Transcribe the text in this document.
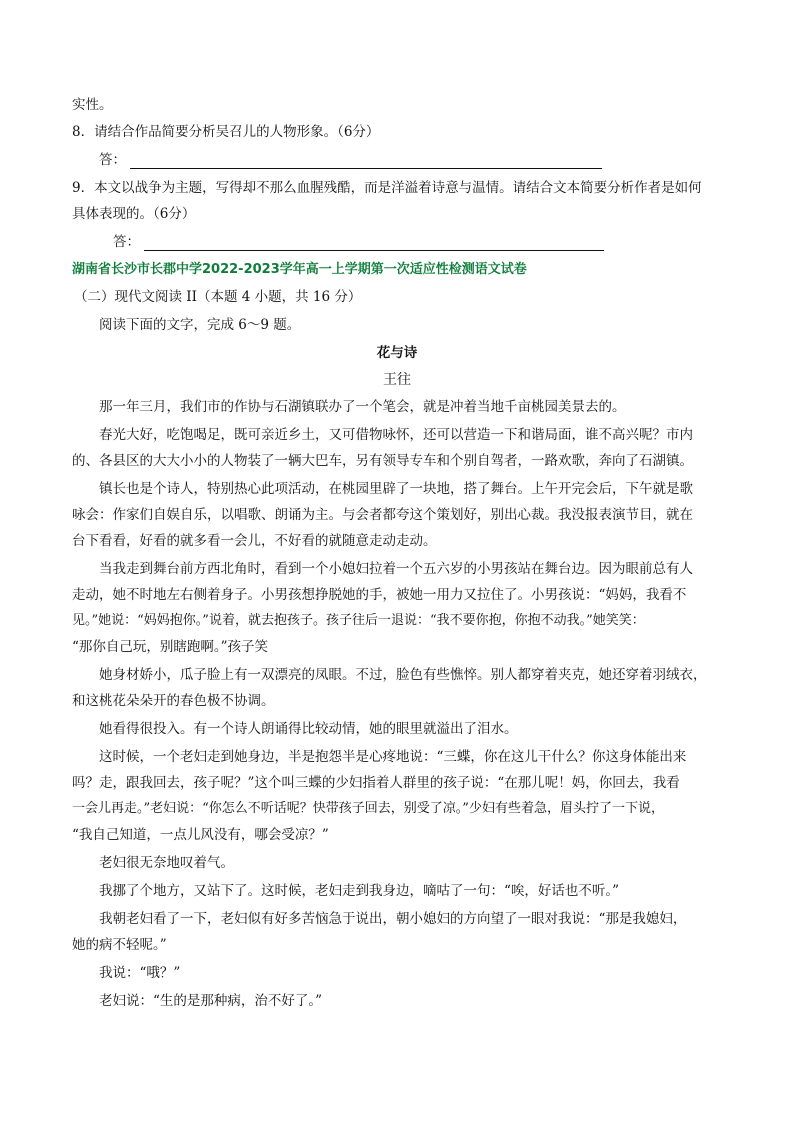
实性。
8．请结合作品简要分析吴召儿的人物形象。（6分）
答：
9．本文以战争为主题，写得却不那么血腥残酷，而是洋溢着诗意与温情。请结合文本简要分析作者是如何
具体表现的。（6分）
答：
湖南省长沙市长郡中学2022-2023学年高一上学期第一次适应性检测语文试卷
（二）现代文阅读 II（本题 4 小题，共 16 分）
阅读下面的文字，完成 6～9 题。
花与诗
王往
那一年三月，我们市的作协与石湖镇联办了一个笔会，就是冲着当地千亩桃园美景去的。
春光大好，吃饱喝足，既可亲近乡土，又可借物咏怀，还可以营造一下和谐局面，谁不高兴呢？市内
的、各县区的大大小小的人物装了一辆大巴车，另有领导专车和个别自驾者，一路欢歌，奔向了石湖镇。
镇长也是个诗人，特别热心此项活动，在桃园里辟了一块地，搭了舞台。上午开完会后，下午就是歌
咏会：作家们自娱自乐，以唱歌、朗诵为主。与会者都夸这个策划好，别出心裁。我没报表演节目，就在
台下看看，好看的就多看一会儿，不好看的就随意走动走动。
当我走到舞台前方西北角时，看到一个小媳妇拉着一个五六岁的小男孩站在舞台边。因为眼前总有人
走动，她不时地左右侧着身子。小男孩想挣脱她的手，被她一用力又拉住了。小男孩说：“妈妈，我看不
见。”她说：“妈妈抱你。”说着，就去抱孩子。孩子往后一退说：“我不要你抱，你抱不动我。”她笑笑：
“那你自己玩，别瞎跑啊。”孩子笑
她身材娇小，瓜子脸上有一双漂亮的凤眼。不过，脸色有些憔悴。别人都穿着夹克，她还穿着羽绒衣，
和这桃花朵朵开的春色极不协调。
她看得很投入。有一个诗人朗诵得比较动情，她的眼里就溢出了泪水。
这时候，一个老妇走到她身边，半是抱怨半是心疼地说：“三蝶，你在这儿干什么？你这身体能出来
吗？走，跟我回去，孩子呢？”这个叫三蝶的少妇指着人群里的孩子说：“在那儿呢！妈，你回去，我看
一会儿再走。”老妇说：“你怎么不听话呢？快带孩子回去，别受了凉。”少妇有些着急，眉头拧了一下说，
“我自己知道，一点儿风没有，哪会受凉？”
老妇很无奈地叹着气。
我挪了个地方，又站下了。这时候，老妇走到我身边，嘀咕了一句：“唉，好话也不听。”
我朝老妇看了一下，老妇似有好多苦恼急于说出，朝小媳妇的方向望了一眼对我说：“那是我媳妇，
她的病不轻呢。”
我说：“哦？”
老妇说：“生的是那种病，治不好了。”
